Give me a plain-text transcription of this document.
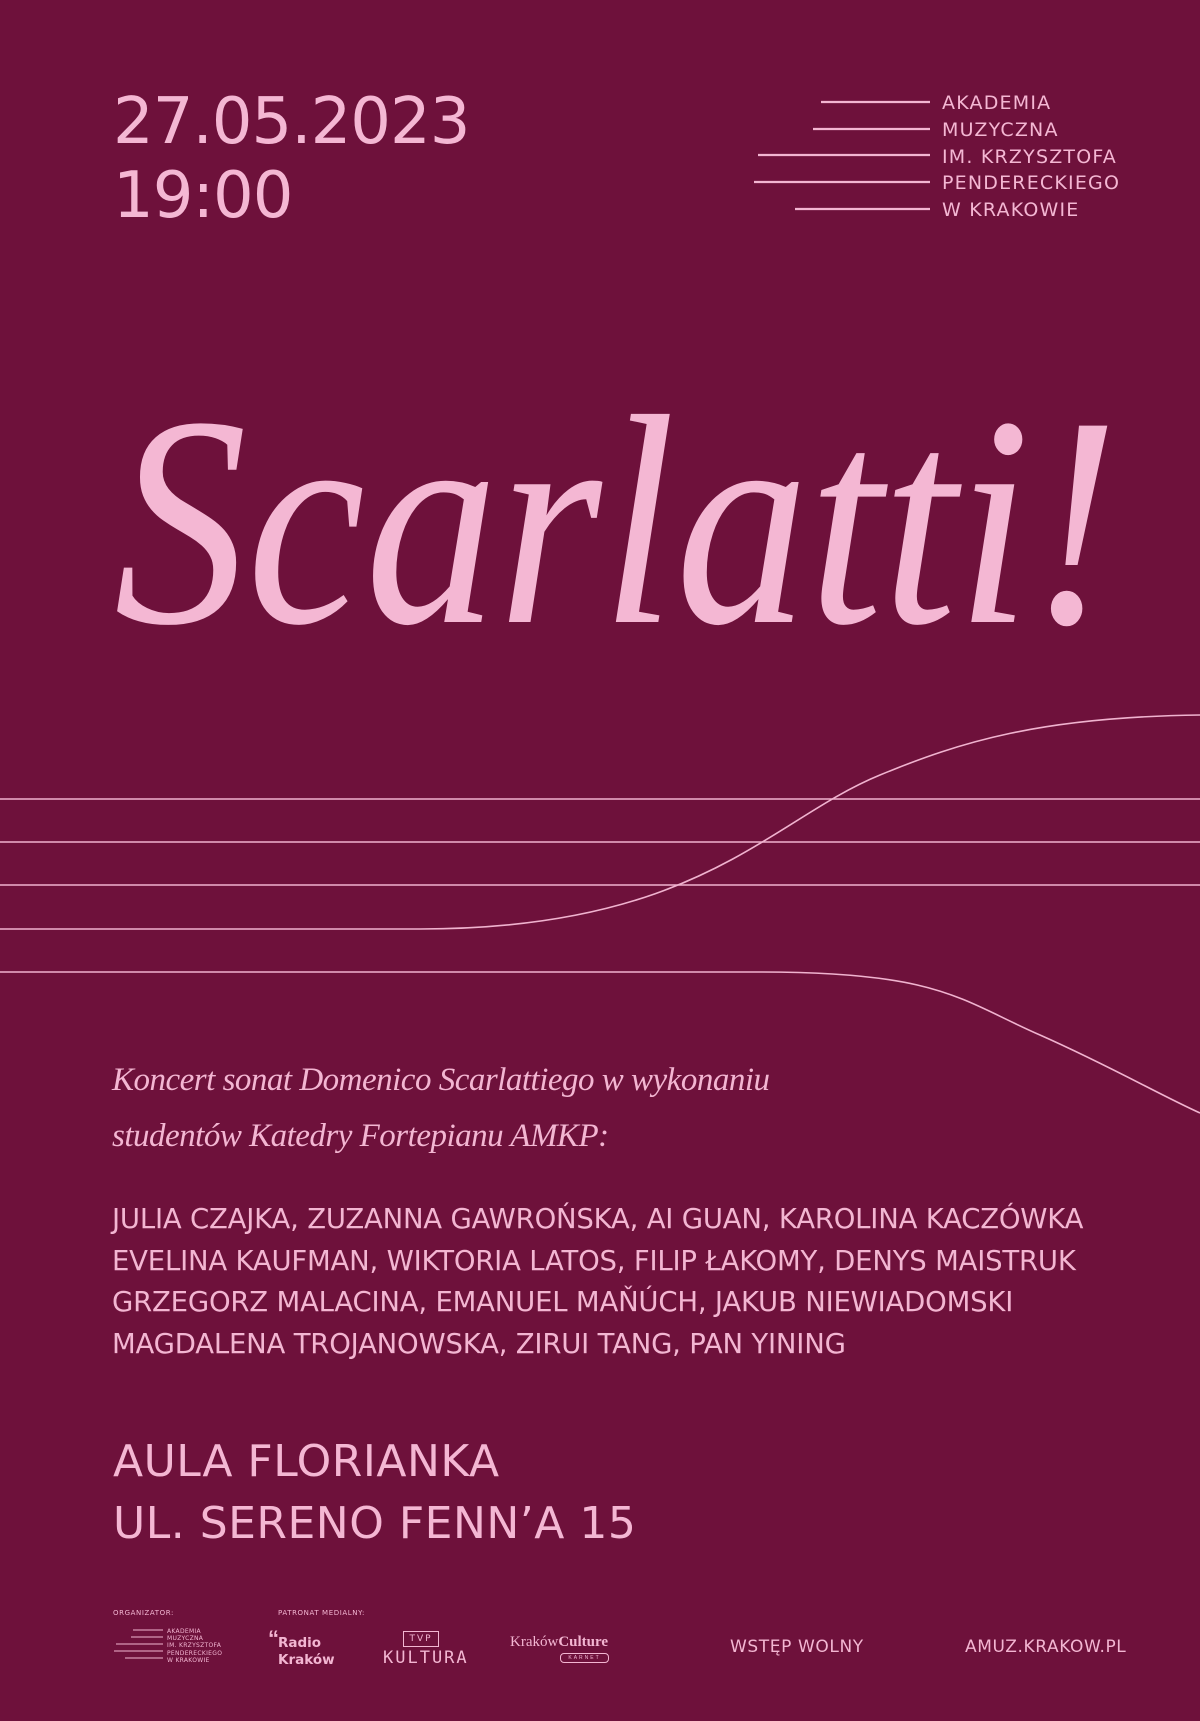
27.05.2023
19:00
AKADEMIA
MUZYCZNA
IM. KRZYSZTOFA
PENDERECKIEGO
W KRAKOWIE
Scarlatti!
Koncert sonat Domenico Scarlattiego w wykonaniu
studentów Katedry Fortepianu AMKP:
JULIA CZAJKA, ZUZANNA GAWROŃSKA, AI GUAN, KAROLINA KACZÓWKA
EVELINA KAUFMAN, WIKTORIA LATOS, FILIP ŁAKOMY, DENYS MAISTRUK
GRZEGORZ MALACINA, EMANUEL MAŇÚCH, JAKUB NIEWIADOMSKI
MAGDALENA TROJANOWSKA, ZIRUI TANG, PAN YINING
AULA FLORIANKA
UL. SERENO FENN’A 15
ORGANIZATOR:	PATRONAT MEDIALNY:
AKADEMIA
MUZYCZNA
IM. KRZYSZTOFA
PENDERECKIEGO
W KRAKOWIE
“ Radio
Kraków
TVP
KULTURA
KrakówCulture
KARNET
WSTĘP WOLNY	AMUZ.KRAKOW.PL
